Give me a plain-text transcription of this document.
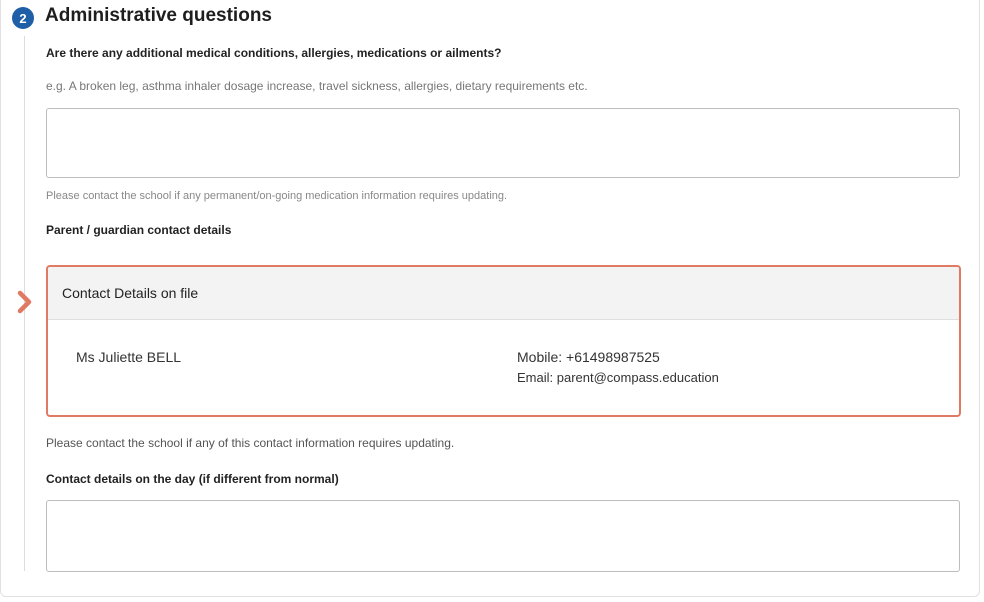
2 Administrative questions
Are there any additional medical conditions, allergies, medications or ailments?
e.g. A broken leg, asthma inhaler dosage increase, travel sickness, allergies, dietary requirements etc.
Please contact the school if any permanent/on-going medication information requires updating.
Parent / guardian contact details
Contact Details on file
Ms Juliette BELL	Mobile: +61498987525
Email: parent@compass.education
Please contact the school if any of this contact information requires updating.
Contact details on the day (if different from normal)
